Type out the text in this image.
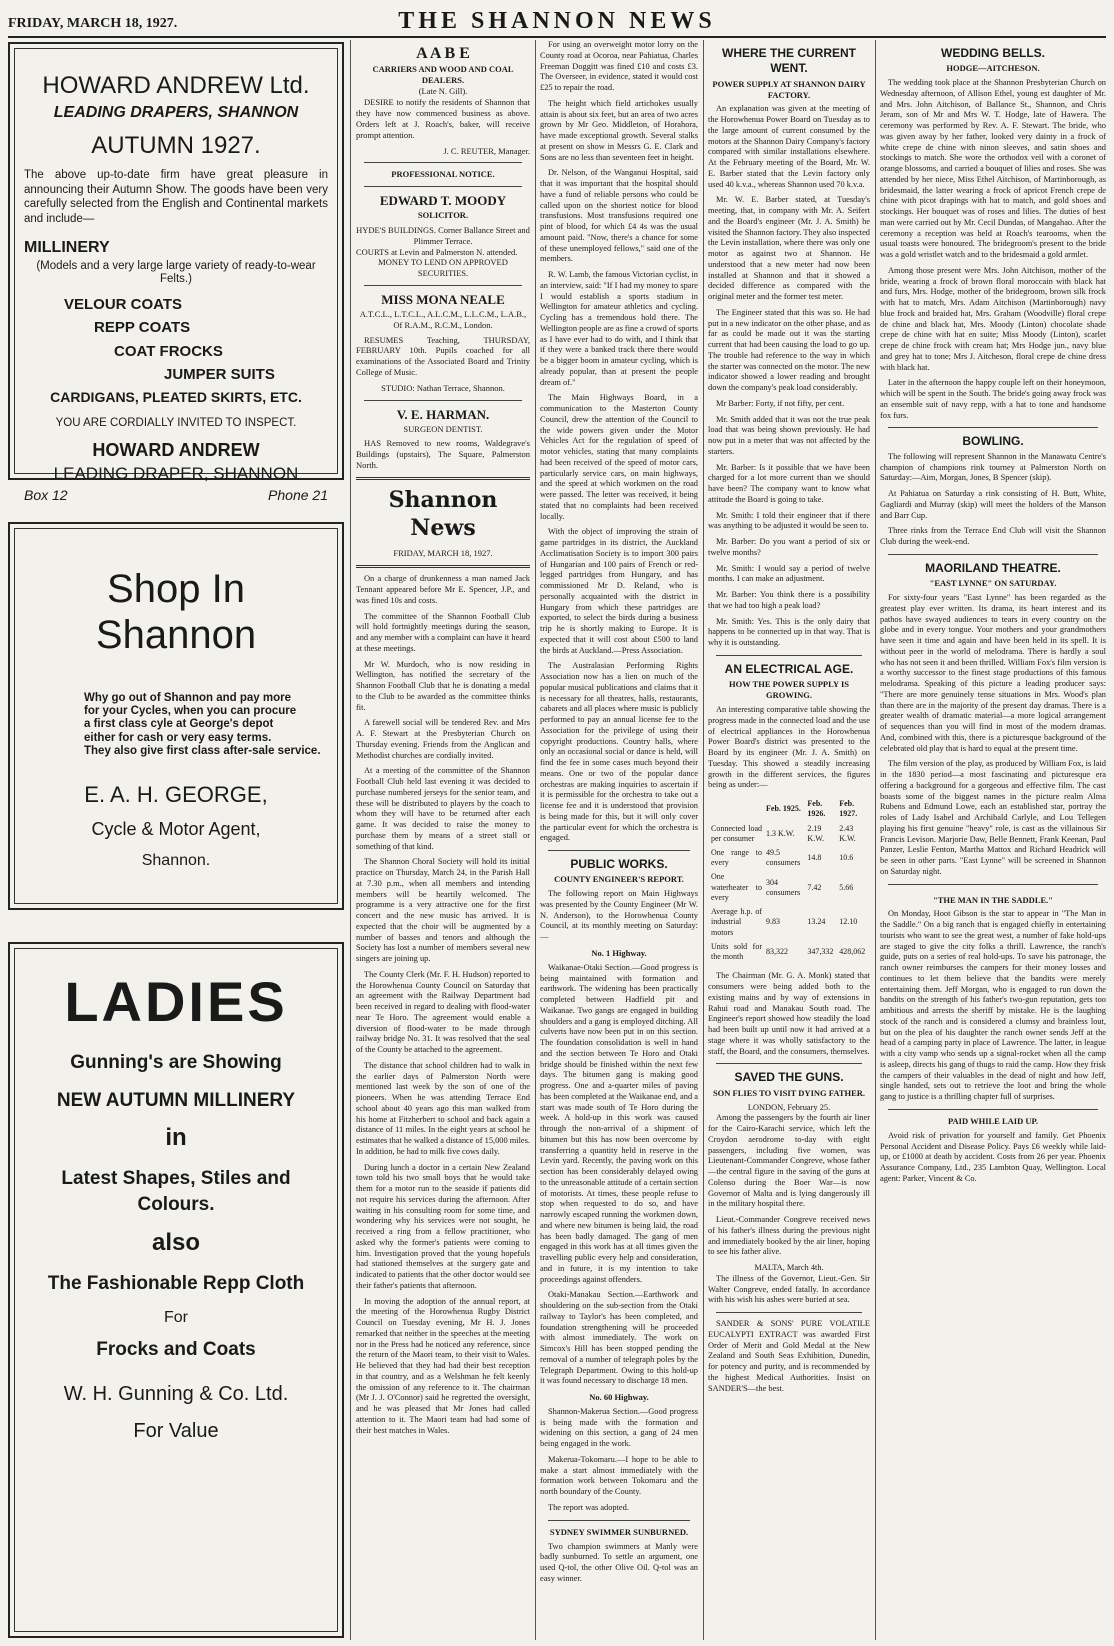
FRIDAY, MARCH 18, 1927.	THE SHANNON NEWS
HOWARD ANDREW Ltd.
LEADING DRAPERS, SHANNON
AUTUMN 1927.
The above up-to-date firm have great pleasure in announcing their Autumn Show. The goods have been very carefully selected from the English and Continental markets and include—
MILLINERY
(Models and a very large large variety of ready-to-wear Felts.)
VELOUR COATS
REPP COATS
COAT FROCKS
JUMPER SUITS
CARDIGANS, PLEATED SKIRTS, ETC.
YOU ARE CORDIALLY INVITED TO INSPECT.
HOWARD ANDREW
LEADING DRAPER, SHANNON
Box 12	Phone 21
Shop In Shannon
Why go out of Shannon and pay more
for your Cycles, when you can procure
a first class cyle at George's depot
either for cash or very easy terms.
They also give first class after-sale service.
E. A. H. GEORGE,
Cycle & Motor Agent,
Shannon.
LADIES
Gunning's are Showing
NEW AUTUMN MILLINERY
in
Latest Shapes, Stiles and
Colours.
also
The Fashionable Repp Cloth
For
Frocks and Coats
W. H. Gunning & Co. Ltd.
For Value
A A B E
CARRIERS AND WOOD AND COAL DEALERS.
(Late N. Gill).

DESIRE to notify the residents of Shannon that they have now commenced business as above. Orders left at J. Roach's, baker, will receive prompt attention.

J. C. REUTER, Manager.
PROFESSIONAL NOTICE.
EDWARD T. MOODY
SOLICITOR.
HYDE'S BUILDINGS. Corner Ballance Street and Plimmer Terrace.
COURTS at Levin and Palmerston N. attended.
MONEY TO LEND ON APPROVED SECURITIES.
MISS MONA NEALE
A.T.C.L., L.T.C.L., A.L.C.M., L.L.C.M., L.A.B., Of R.A.M., R.C.M., London.

RESUMES Teaching, THURSDAY, FEBRUARY 10th. Pupils coached for all examinations of the Associated Board and Trinity College of Music.

STUDIO: Nathan Terrace, Shannon.
V. E. HARMAN.
SURGEON DENTIST.

HAS Removed to new rooms, Waldegrave's Buildings (upstairs), The Square, Palmerston North.

Shannon News
FRIDAY, MARCH 18, 1927.

On a charge of drunkenness a man named Jack Tennant appeared before Mr E. Spencer, J.P., and was fined 10s and costs.

The committee of the Shannon Football Club will hold fortnightly meetings during the season, and any member with a complaint can have it heard at these meetings.

Mr W. Murdoch, who is now residing in Wellington, has notified the secretary of the Shannon Football Club that he is donating a medal to the Club to be awarded as the committee thinks fit.

A farewell social will be tendered Rev. and Mrs A. F. Stewart at the Presbyterian Church on Thursday evening. Friends from the Anglican and Methodist churches are cordially invited.

At a meeting of the committee of the Shannon Football Club held last evening it was decided to purchase numbered jerseys for the senior team, and these will be distributed to players by the coach to whom they will have to be returned after each game. It was decided to raise the money to purchase them by means of a street stall or something of that kind.

The Shannon Choral Society will hold its initial practice on Thursday, March 24, in the Parish Hall at 7.30 p.m., when all members and intending members will be heartily welcomed. The programme is a very attractive one for the first concert and the new music has arrived. It is expected that the choir will be augmented by a number of basses and tenors and although the Society has lost a number of members several new singers are joining up.

The County Clerk (Mr. F. H. Hudson) reported to the Horowhenua County Council on Saturday that an agreement with the Railway Department had been received in regard to dealing with flood-water near Te Horo. The agreement would enable a diversion of flood-water to be made through railway bridge No. 31. It was resolved that the seal of the County be attached to the agreement.

The distance that school children had to walk in the earlier days of Palmerston North were mentioned last week by the son of one of the pioneers. When he was attending Terrace End school about 40 years ago this man walked from his home at Fitzherbert to school and back again a distance of 11 miles. In the eight years at school he estimates that he walked a distance of 15,000 miles. In addition, he had to milk five cows daily.

During lunch a doctor in a certain New Zealand town told his two small boys that he would take them for a motor run to the seaside if patients did not require his services during the afternoon. After waiting in his consulting room for some time, and wondering why his services were not sought, he received a ring from a fellow practitioner, who asked why the former's patients were coming to him. Investigation proved that the young hopefuls had stationed themselves at the surgery gate and indicated to patients that the other doctor would see their father's patients that afternoon.

In moving the adoption of the annual report, at the meeting of the Horowhenua Rugby District Council on Tuesday evening, Mr H. J. Jones remarked that neither in the speeches at the meeting nor in the Press had he noticed any reference, since the return of the Maori team, to their visit to Wales. He believed that they had had their best reception in that country, and as a Welshman he felt keenly the omission of any reference to it. The chairman (Mr J. J. O'Connor) said he regretted the oversight, and he was pleased that Mr Jones had called attention to it. The Maori team had had some of their best matches in Wales.

For using an overweight motor lorry on the County road at Ocoroa, near Pahiatua, Charles Freeman Doggitt was fined £10 and costs £3. The Overseer, in evidence, stated it would cost £25 to repair the road.

The height which field artichokes usually attain is about six feet, but an area of two acres grown by Mr Geo. Middleton, of Horahora, have made exceptional growth. Several stalks at present on show in Messrs G. E. Clark and Sons are no less than seventeen feet in height.

Dr. Nelson, of the Wanganui Hospital, said that it was important that the hospital should have a fund of reliable persons who could be called upon on the shortest notice for blood transfusions. Most transfusions required one pint of blood, for which £4 4s was the usual amount paid. "Now, there's a chance for some of these unemployed fellows," said one of the members.

R. W. Lamb, the famous Victorian cyclist, in an interview, said: "If I had my money to spare I would establish a sports stadium in Wellington for amateur athletics and cycling. Cycling has a tremendous hold there. The Wellington people are as fine a crowd of sports as I have ever had to do with, and I think that if they were a banked track there there would be a bigger boom in amateur cycling, which is already popular, than at present the people dream of."

The Main Highways Board, in a communication to the Masterton County Council, drew the attention of the Council to the wide powers given under the Motor Vehicles Act for the regulation of speed of motor vehicles, stating that many complaints had been received of the speed of motor cars, particularly service cars, on main highways, and the speed at which workmen on the road were passed. The letter was received, it being stated that no complaints had been received locally.

With the object of improving the strain of game partridges in its district, the Auckland Acclimatisation Society is to import 300 pairs of Hungarian and 100 pairs of French or red-legged partridges from Hungary, and has commissioned Mr D. Reland, who is personally acquainted with the district in Hungary from which these partridges are exported, to select the birds during a business trip he is shortly making to Europe. It is expected that it will cost about £500 to land the birds at Auckland.—Press Association.

The Australasian Performing Rights Association now has a lien on much of the popular musical publications and claims that it is necessary for all theatres, halls, restaurants, cabarets and all places where music is publicly performed to pay an annual license fee to the Association for the privilege of using their copyright productions. Country halls, where only an occasional social or dance is held, will find the fee in some cases much beyond their means. One or two of the popular dance orchestras are making inquiries to ascertain if it is permissible for the orchestra to take out a license fee and it is understood that provision is being made for this, but it will only cover the particular event for which the orchestra is engaged.

PUBLIC WORKS.
COUNTY ENGINEER'S REPORT.

The following report on Main Highways was presented by the County Engineer (Mr W. N. Anderson), to the Horowhenua County Council, at its monthly meeting on Saturday:—

No. 1 Highway.

Waikanae-Otaki Section.—Good progress is being maintained with formation and earthwork. The widening has been practically completed between Hadfield pit and Waikanae. Two gangs are engaged in building shoulders and a gang is employed ditching. All culverts have now been put in on this section. The foundation consolidation is well in hand and the section between Te Horo and Otaki bridge should be finished within the next few days. The bitumen gang is making good progress. One and a-quarter miles of paving has been completed at the Waikanae end, and a start was made south of Te Horo during the week. A hold-up in this work was caused through the non-arrival of a shipment of bitumen but this has now been overcome by transferring a quantity held in reserve in the Levin yard. Recently, the paving work on this section has been considerably delayed owing to the unreasonable attitude of a certain section of motorists. At times, these people refuse to stop when requested to do so, and have narrowly escaped running the workmen down, and where new bitumen is being laid, the road has been badly damaged. The gang of men engaged in this work has at all times given the travelling public every help and consideration, and in future, it is my intention to take proceedings against offenders.

Otaki-Manakau Section.—Earthwork and shouldering on the sub-section from the Otaki railway to Taylor's has been completed, and foundation strengthening will be proceeded with almost immediately. The work on Simcox's Hill has been stopped pending the removal of a number of telegraph poles by the Telegraph Department. Owing to this hold-up it was found necessary to discharge 18 men.

No. 60 Highway.

Shannon-Makerua Section.—Good progress is being made with the formation and widening on this section, a gang of 24 men being engaged in the work.

Makerua-Tokomaru.—I hope to be able to make a start almost immediately with the formation work between Tokomaru and the north boundary of the County.

The report was adopted.

SYDNEY SWIMMER SUNBURNED.

Two champion swimmers at Manly were badly sunburned. To settle an argument, one used Q-tol, the other Olive Oil. Q-tol was an easy winner.

WHERE THE CURRENT WENT.
POWER SUPPLY AT SHANNON DAIRY FACTORY.

An explanation was given at the meeting of the Horowhenua Power Board on Tuesday as to the large amount of current consumed by the motors at the Shannon Dairy Company's factory compared with similar installations elsewhere. At the February meeting of the Board, Mr. W. E. Barber stated that the Levin factory only used 40 k.v.a., whereas Shannon used 70 k.v.a.

Mr. W. E. Barber stated, at Tuesday's meeting, that, in company with Mr. A. Seifert and the Board's engineer (Mr. J. A. Smith) he visited the Shannon factory. They also inspected the Levin installation, where there was only one motor as against two at Shannon. He understood that a new meter had now been installed at Shannon and that it showed a decided difference as compared with the original meter and the former test meter.

The Engineer stated that this was so. He had put in a new indicator on the other phase, and as far as could be made out it was the starting current that had been causing the load to go up. The trouble had reference to the way in which the starter was connected on the motor. The new indicator showed a lower reading and brought down the company's peak load considerably.

Mr Barber: Forty, if not fifty, per cent.

Mr. Smith added that it was not the true peak load that was being shown previously. He had now put in a meter that was not affected by the starters.

Mr. Barber: Is it possible that we have been charged for a lot more current than we should have been? The company want to know what attitude the Board is going to take.

Mr. Smith: I told their engineer that if there was anything to be adjusted it would be seen to.

Mr. Barber: Do you want a period of six or twelve months?

Mr. Smith: I would say a period of twelve months. I can make an adjustment.

Mr. Barber: You think there is a possibility that we had too high a peak load?

Mr. Smith: Yes. This is the only dairy that happens to be connected up in that way. That is why it is outstanding.

AN ELECTRICAL AGE.
HOW THE POWER SUPPLY IS GROWING.

An interesting comparative table showing the progress made in the connected load and the use of electrical appliances in the Horowhenua Power Board's district was presented to the Board by its engineer (Mr. J. A. Smith) on Tuesday. This showed a steadily increasing growth in the different services, the figures being as under:—

	Feb. 1925.	Feb. 1926.	Feb. 1927.
Connected load per consumer	1.3 K.W.	2.19 K.W.	2.43 K.W.
One range to every	49.5 consumers	14.8	10.6
One waterheater to every	304 consumers	7.42	5.66
Average h.p. of industrial motors	9.83	13.24	12.10
Units sold for the month	83,322	347,332	428,062

The Chairman (Mr. G. A. Monk) stated that consumers were being added both to the existing mains and by way of extensions in Rahui road and Manakau South road. The Engineer's report showed how steadily the load had been built up until now it had arrived at a stage where it was wholly satisfactory to the staff, the Board, and the consumers, themselves.

SAVED THE GUNS.
SON FLIES TO VISIT DYING FATHER.
LONDON, February 25.

Among the passengers by the fourth air liner for the Cairo-Karachi service, which left the Croydon aerodrome to-day with eight passengers, including five women, was Lieutenant-Commander Congreve, whose father—the central figure in the saving of the guns at Colenso during the Boer War—is now Governor of Malta and is lying dangerously ill in the military hospital there.

Lieut.-Commander Congreve received news of his father's illness during the previous night and immediately booked by the air liner, hoping to see his father alive.

MALTA, March 4th.

The illness of the Governor, Lieut.-Gen. Sir Walter Congreve, ended fatally. In accordance with his wish his ashes were buried at sea.

SANDER & SONS' PURE VOLATILE EUCALYPTI EXTRACT was awarded First Order of Merit and Gold Medal at the New Zealand and South Seas Exhibition, Dunedin, for potency and purity, and is recommended by the highest Medical Authorities. Insist on SANDER'S—the best.

WEDDING BELLS.
HODGE—AITCHESON.

The wedding took place at the Shannon Presbyterian Church on Wednesday afternoon, of Allison Ethel, young est daughter of Mr. and Mrs. John Aitchison, of Ballance St., Shannon, and Chris Jeram, son of Mr and Mrs W. T. Hodge, late of Hawera. The ceremony was performed by Rev. A. F. Stewart. The bride, who was given away by her father, looked very dainty in a frock of white crepe de chine with ninon sleeves, and satin shoes and stockings to match. She wore the orthodox veil with a coronet of orange blossoms, and carried a bouquet of lilies and roses. She was attended by her niece, Miss Ethel Aitchison, of Martinborough, as bridesmaid, the latter wearing a frock of apricot French crepe de chine with picot drapings with hat to match, and gold shoes and stockings. Her bouquet was of roses and lilies. The duties of best man were carried out by Mr. Cecil Dundas, of Mangahao. After the ceremony a reception was held at Roach's tearooms, when the usual toasts were honoured. The bridegroom's present to the bride was a gold wristlet watch and to the bridesmaid a gold armlet.

Among those present were Mrs. John Aitchison, mother of the bride, wearing a frock of brown floral moroccain with black hat and furs, Mrs. Hodge, mother of the bridegroom, brown silk frock with hat to match, Mrs. Adam Aitchison (Martinborough) navy blue frock and braided hat, Mrs. Graham (Woodville) floral crepe de chine and black hat, Mrs. Moody (Linton) chocolate shade crepe de chine with hat en suite; Miss Moody (Linton), scarlet crepe de chine frock with cream hat; Mrs Hodge jun., navy blue and grey hat to tone; Mrs J. Aitcheson, floral crepe de chine dress with black hat.

Later in the afternoon the happy couple left on their honeymoon, which will be spent in the South. The bride's going away frock was an ensemble suit of navy repp, with a hat to tone and handsome fox furs.

BOWLING.

The following will represent Shannon in the Manawatu Centre's champion of champions rink tourney at Palmerston North on Saturday:—Aim, Morgan, Jones, B Spencer (skip).

At Pahiatua on Saturday a rink consisting of H. Butt, White, Gagliardi and Murray (skip) will meet the holders of the Manson and Barr Cup.

Three rinks from the Terrace End Club will visit the Shannon Club during the week-end.

MAORILAND THEATRE.
"EAST LYNNE" ON SATURDAY.

For sixty-four years "East Lynne" has been regarded as the greatest play ever written. Its drama, its heart interest and its pathos have swayed audiences to tears in every country on the globe and in every tongue. Your mothers and your grandmothers have seen it time and again and have been held in its spell. It is without peer in the world of melodrama. There is hardly a soul who has not seen it and been thrilled. William Fox's film version is a worthy successor to the finest stage productions of this famous melodrama. Speaking of this picture a leading producer says: "There are more genuinely tense situations in Mrs. Wood's plan than there are in the majority of the present day dramas. There is a greater wealth of dramatic material—a more logical arrangement of sequences than you will find in most of the modern dramas. And, combined with this, there is a picturesque background of the celebrated old play that is hard to equal at the present time.

The film version of the play, as produced by William Fox, is laid in the 1830 period—a most fascinating and picturesque era offering a background for a gorgeous and effective film. The cast boasts some of the biggest names in the picture realm Alma Rubens and Edmund Lowe, each an established star, portray the roles of Lady Isabel and Archibald Carlyle, and Lou Tellegen playing his first genuine "heavy" role, is cast as the villainous Sir Francis Levison. Marjorie Daw, Belle Bennett, Frank Keenan, Paul Panzer, Leslie Fenton, Martha Mattox and Richard Headrick will be seen in other parts. "East Lynne" will be screened in Shannon on Saturday night.

"THE MAN IN THE SADDLE."

On Monday, Hoot Gibson is the star to appear in "The Man in the Saddle." On a big ranch that is engaged chiefly in entertaining tourists who want to see the great west, a number of fake hold-ups are staged to give the city folks a thrill. Lawrence, the ranch's guide, puts on a series of real hold-ups. To save his patronage, the ranch owner reimburses the campers for their money losses and continues to let them believe that the bandits were merely entertaining them. Jeff Morgan, who is engaged to run down the bandits on the strength of his father's two-gun reputation, gets too ambitious and arrests the sheriff by mistake. He is the laughing stock of the ranch and is considered a clumsy and brainless lout, but on the plea of his daughter the ranch owner sends Jeff at the head of a camping party in place of Lawrence. The latter, in league with a city vamp who sends up a signal-rocket when all the camp is asleep, directs his gang of thugs to raid the camp. How they frisk the campers of their valuables in the dead of night and how Jeff, single handed, sets out to retrieve the loot and bring the whole gang to justice is a thrilling chapter full of surprises.

PAID WHILE LAID UP.

Avoid risk of privation for yourself and family. Get Phoenix Personal Accident and Disease Policy. Pays £6 weekly while laid-up, or £1000 at death by accident. Costs from 26 per year. Phoenix Assurance Company, Ltd., 235 Lambton Quay, Wellington. Local agent: Parker, Vincent & Co.
